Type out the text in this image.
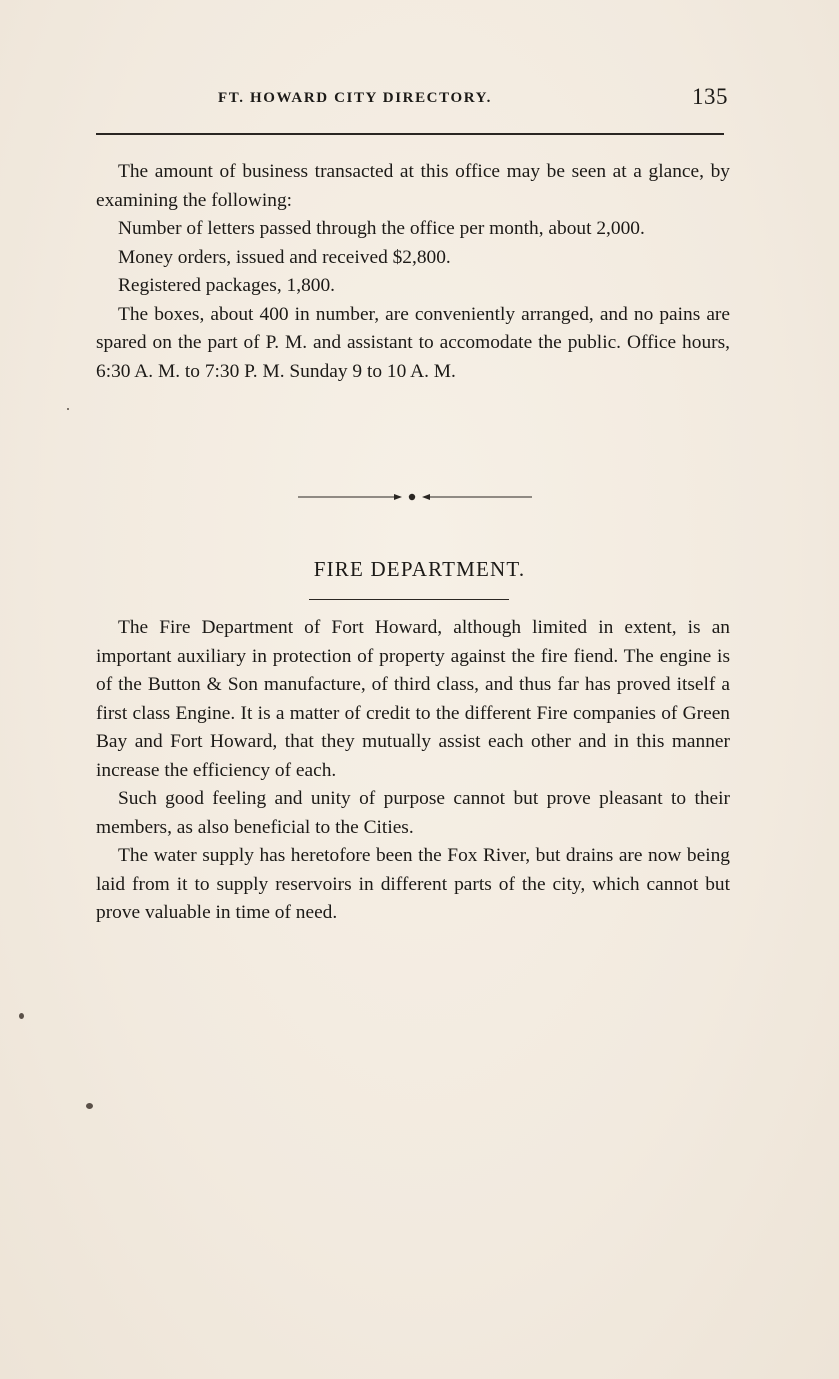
FT. HOWARD CITY DIRECTORY.	135

The amount of business transacted at this office may be seen at a glance, by examining the following:

Number of letters passed through the office per month, about 2,000.

Money orders, issued and received $2,800.

Registered packages, 1,800.

The boxes, about 400 in number, are conveniently arranged, and no pains are spared on the part of P. M. and assistant to accomodate the public. Office hours, 6:30 A. M. to 7:30 P. M. Sunday 9 to 10 A. M.

FIRE DEPARTMENT.

The Fire Department of Fort Howard, although limited in extent, is an important auxiliary in protection of property against the fire fiend. The engine is of the Button & Son manufacture, of third class, and thus far has proved itself a first class Engine. It is a matter of credit to the different Fire companies of Green Bay and Fort Howard, that they mutually assist each other and in this manner increase the efficiency of each.

Such good feeling and unity of purpose cannot but prove pleasant to their members, as also beneficial to the Cities.

The water supply has heretofore been the Fox River, but drains are now being laid from it to supply reservoirs in different parts of the city, which cannot but prove valuable in time of need.
